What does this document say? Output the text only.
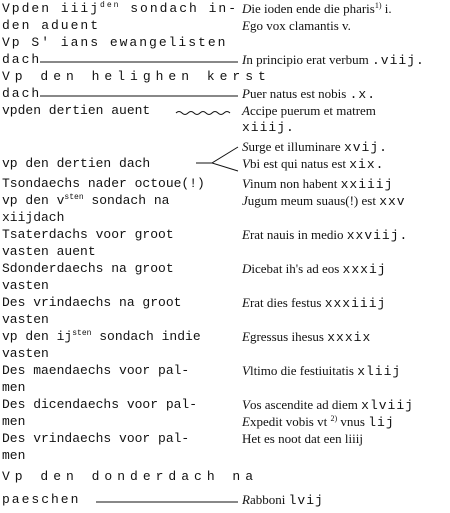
Vpden iiij$^{den}$ sondach in- Die ioden ende die pharis$^{1)}$ i.
den aduent	Ego vox clamantis v.
Vp S' ians ewangelisten
dach	In principio erat verbum .viij.
Vp den helighen kerst
dach	Puer natus est nobis .x.
vpden dertien auent	Accipe puerum et matrem
xiiij.
Surge et illuminare xvij.
vp den dertien dach	Vbi est qui natus est xix.
Tsondaechs nader octoue(!)	Vinum non habent xxiiij
vp den $v^{sten}$ sondach na	Jugum meum suaus(!) est xxv
xiijdach
Tsaterdachs voor groot	Erat nauis in medio xxviij.
vasten auent
Sdonderdaechs na groot	Dicebat ih's ad eos xxxij
vasten
Des vrindaechs na groot	Erat dies festus xxxiiij
vasten
vp den $ij^{sten}$ sondach indie	Egressus ihesus xxxix
vasten
Des maendaechs voor pal-	Vltimo die festiuitatis xliij
men
Des dicendaechs voor pal-	Vos ascendite ad diem xlviij
men	Expedit vobis vt $^{2)}$ vnus lij
Des vrindaechs voor pal-	Het es noot dat een liiij
men
Vp den donderdach na
paeschen	Rabboni lvij
